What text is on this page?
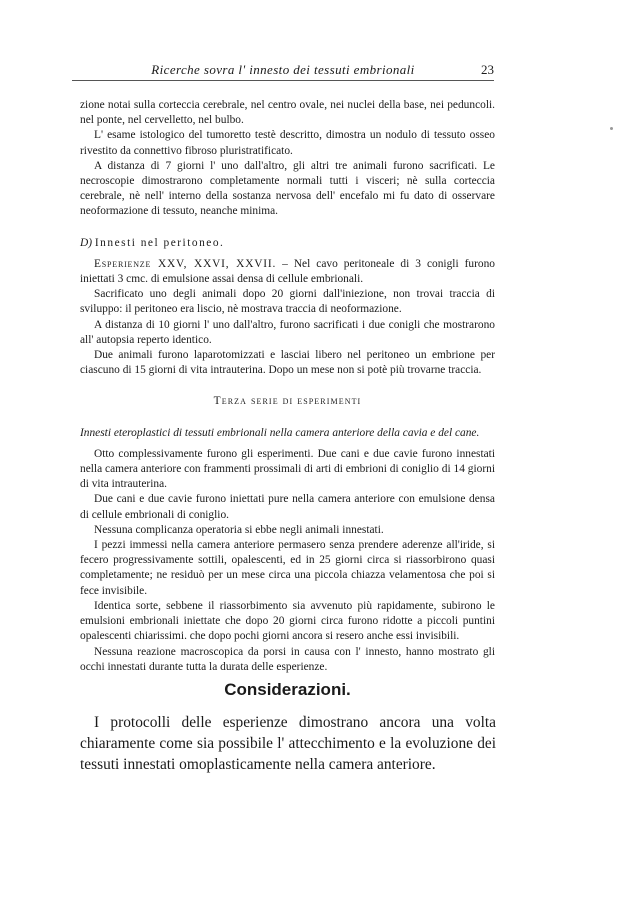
Ricerche sovra l' innesto dei tessuti embrionali	23

zione notai sulla corteccia cerebrale, nel centro ovale, nei nuclei della base, nei peduncoli. nel ponte, nel cervelletto, nel bulbo.

L' esame istologico del tumoretto testè descritto, dimostra un nodulo di tessuto osseo rivestito da connettivo fibroso pluristratificato.

A distanza di 7 giorni l' uno dall'altro, gli altri tre animali furono sacrificati. Le necroscopie dimostrarono completamente normali tutti i visceri; nè sulla corteccia cerebrale, nè nell' interno della sostanza nervosa dell' encefalo mi fu dato di osservare neoformazione di tessuto, neanche minima.

D) Innesti nel peritoneo.

Esperienze XXV, XXVI, XXVII. – Nel cavo peritoneale di 3 conigli furono iniettati 3 cmc. di emulsione assai densa di cellule embrionali.

Sacrificato uno degli animali dopo 20 giorni dall'iniezione, non trovai traccia di sviluppo: il peritoneo era liscio, nè mostrava traccia di neoformazione.

A distanza di 10 giorni l' uno dall'altro, furono sacrificati i due conigli che mostrarono all' autopsia reperto identico.

Due animali furono laparotomizzati e lasciai libero nel peritoneo un embrione per ciascuno di 15 giorni di vita intrauterina. Dopo un mese non si potè più trovarne traccia.

Terza serie di esperimenti

Innesti eteroplastici di tessuti embrionali nella camera anteriore della cavia e del cane.

Otto complessivamente furono gli esperimenti. Due cani e due cavie furono innestati nella camera anteriore con frammenti prossimali di arti di embrioni di coniglio di 14 giorni di vita intrauterina.

Due cani e due cavie furono iniettati pure nella camera anteriore con emulsione densa di cellule embrionali di coniglio.

Nessuna complicanza operatoria si ebbe negli animali innestati.

I pezzi immessi nella camera anteriore permasero senza prendere aderenze all'iride, si fecero progressivamente sottili, opalescenti, ed in 25 giorni circa si riassorbirono quasi completamente; ne residuò per un mese circa una piccola chiazza velamentosa che poi si fece invisibile.

Identica sorte, sebbene il riassorbimento sia avvenuto più rapidamente, subirono le emulsioni embrionali iniettate che dopo 20 giorni circa furono ridotte a piccoli puntini opalescenti chiarissimi. che dopo pochi giorni ancora si resero anche essi invisibili.

Nessuna reazione macroscopica da porsi in causa con l' innesto, hanno mostrato gli occhi innestati durante tutta la durata delle esperienze.

Considerazioni.

I protocolli delle esperienze dimostrano ancora una volta chiaramente come sia possibile l' attecchimento e la evoluzione dei tessuti innestati omoplasticamente nella camera anteriore.
